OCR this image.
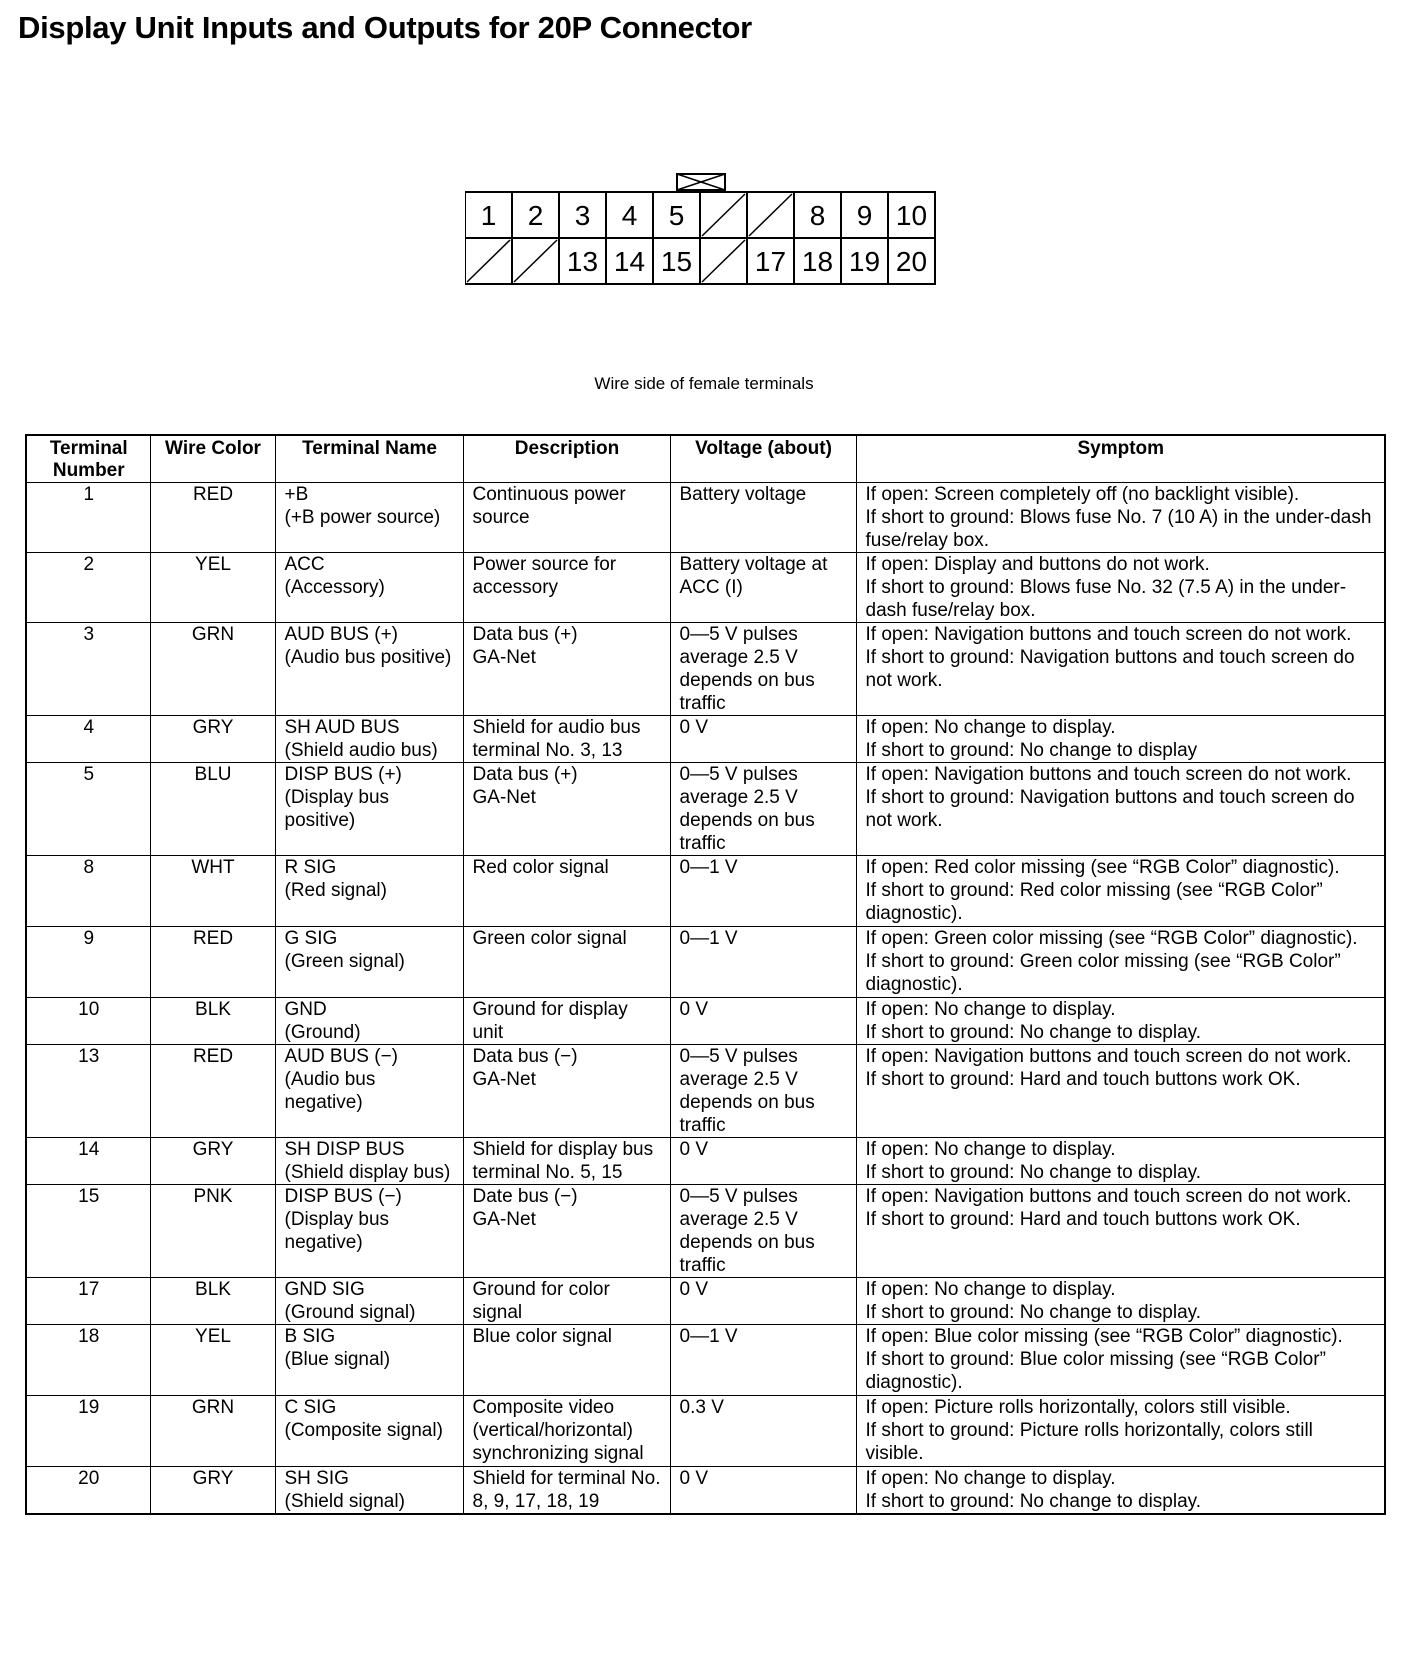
Display Unit Inputs and Outputs for 20P Connector
1 2 3 4 5	8 9 10
13 14 15 17 18 19 20

Wire side of female terminals

Terminal Number	Wire Color	Terminal Name	Description	Voltage (about)	Symptom
1	RED	+B
(+B power source)	Continuous power source	Battery voltage	If open: Screen completely off (no backlight visible).
If short to ground: Blows fuse No. 7 (10 A) in the under-dash fuse/relay box.
2	YEL	ACC
(Accessory)	Power source for accessory	Battery voltage at ACC (I)	If open: Display and buttons do not work.
If short to ground: Blows fuse No. 32 (7.5 A) in the under-dash fuse/relay box.
3	GRN	AUD BUS (+)
(Audio bus positive)	Data bus (+)
GA-Net	0—5 V pulses average 2.5 V depends on bus traffic	If open: Navigation buttons and touch screen do not work.
If short to ground: Navigation buttons and touch screen do not work.
4	GRY	SH AUD BUS
(Shield audio bus)	Shield for audio bus terminal No. 3, 13	0 V	If open: No change to display.
If short to ground: No change to display
5	BLU	DISP BUS (+)
(Display bus positive)	Data bus (+)
GA-Net	0—5 V pulses average 2.5 V depends on bus traffic	If open: Navigation buttons and touch screen do not work.
If short to ground: Navigation buttons and touch screen do not work.
8	WHT	R SIG
(Red signal)	Red color signal	0—1 V	If open: Red color missing (see “RGB Color” diagnostic).
If short to ground: Red color missing (see “RGB Color” diagnostic).
9	RED	G SIG
(Green signal)	Green color signal	0—1 V	If open: Green color missing (see “RGB Color” diagnostic).
If short to ground: Green color missing (see “RGB Color” diagnostic).
10	BLK	GND
(Ground)	Ground for display unit	0 V	If open: No change to display.
If short to ground: No change to display.
13	RED	AUD BUS (−)
(Audio bus negative)	Data bus (−)
GA-Net	0—5 V pulses average 2.5 V depends on bus traffic	If open: Navigation buttons and touch screen do not work.
If short to ground: Hard and touch buttons work OK.
14	GRY	SH DISP BUS
(Shield display bus)	Shield for display bus terminal No. 5, 15	0 V	If open: No change to display.
If short to ground: No change to display.
15	PNK	DISP BUS (−)
(Display bus negative)	Date bus (−)
GA-Net	0—5 V pulses average 2.5 V depends on bus traffic	If open: Navigation buttons and touch screen do not work.
If short to ground: Hard and touch buttons work OK.
17	BLK	GND SIG
(Ground signal)	Ground for color signal	0 V	If open: No change to display.
If short to ground: No change to display.
18	YEL	B SIG
(Blue signal)	Blue color signal	0—1 V	If open: Blue color missing (see “RGB Color” diagnostic).
If short to ground: Blue color missing (see “RGB Color” diagnostic).
19	GRN	C SIG
(Composite signal)	Composite video (vertical/horizontal) synchronizing signal	0.3 V	If open: Picture rolls horizontally, colors still visible.
If short to ground: Picture rolls horizontally, colors still visible.
20	GRY	SH SIG
(Shield signal)	Shield for terminal No. 8, 9, 17, 18, 19	0 V	If open: No change to display.
If short to ground: No change to display.
